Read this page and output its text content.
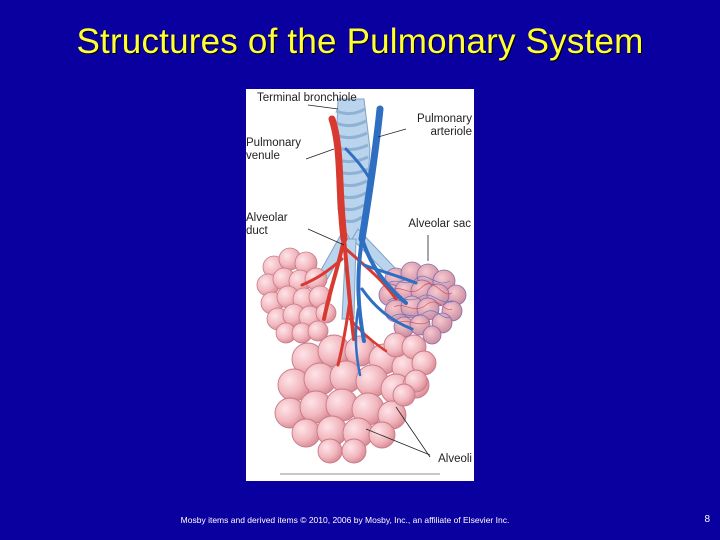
Structures of the Pulmonary System
Terminal bronchiole
Pulmonary arteriole
Pulmonary venule
Alveolar duct
Alveolar sac
Alveoli
Mosby items and derived items © 2010, 2006 by Mosby, Inc., an affiliate of Elsevier Inc.	8
